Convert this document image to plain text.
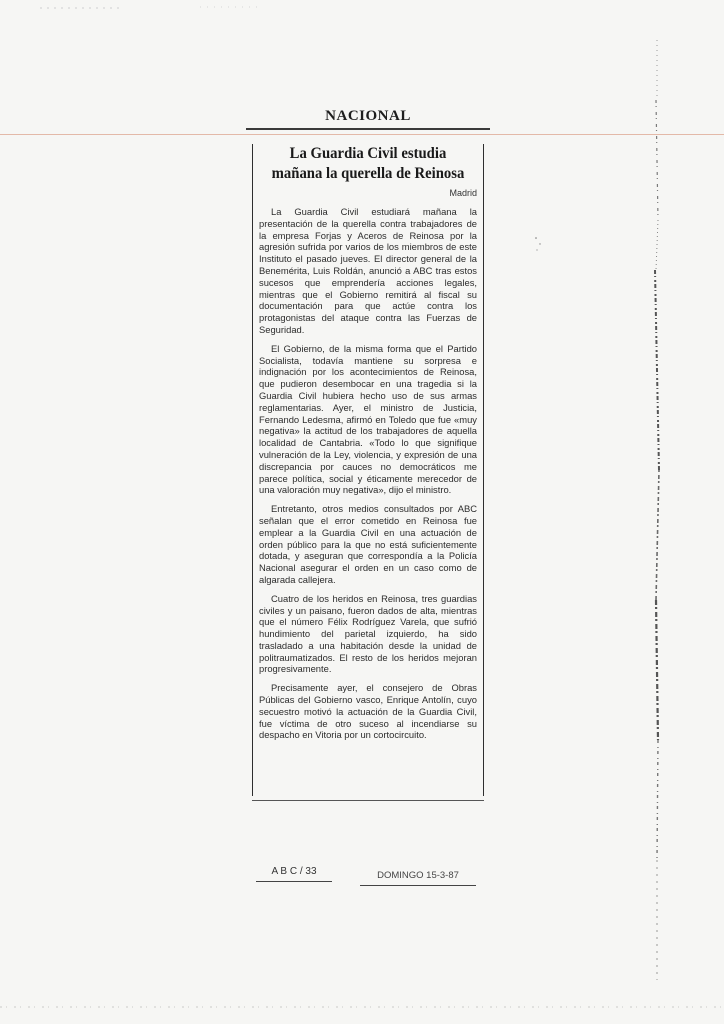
NACIONAL
La Guardia Civil estudia
mañana la querella de Reinosa
Madrid

La Guardia Civil estudiará mañana la presentación de la querella contra trabajadores de la empresa Forjas y Aceros de Reinosa por la agresión sufrida por varios de los miembros de este Instituto el pasado jueves. El director general de la Benemérita, Luis Roldán, anunció a ABC tras estos sucesos que emprendería acciones legales, mientras que el Gobierno remitirá al fiscal su documentación para que actúe contra los protagonistas del ataque contra las Fuerzas de Seguridad.

El Gobierno, de la misma forma que el Partido Socialista, todavía mantiene su sorpresa e indignación por los acontecimientos de Reinosa, que pudieron desembocar en una tragedia si la Guardia Civil hubiera hecho uso de sus armas reglamentarias. Ayer, el ministro de Justicia, Fernando Ledesma, afirmó en Toledo que fue «muy negativa» la actitud de los trabajadores de aquella localidad de Cantabria. «Todo lo que signifique vulneración de la Ley, violencia, y expresión de una discrepancia por cauces no democráticos me parece política, social y éticamente merecedor de una valoración muy negativa», dijo el ministro.

Entretanto, otros medios consultados por ABC señalan que el error cometido en Reinosa fue emplear a la Guardia Civil en una actuación de orden público para la que no está suficientemente dotada, y aseguran que correspondía a la Policía Nacional asegurar el orden en un caso como de algarada callejera.

Cuatro de los heridos en Reinosa, tres guardias civiles y un paisano, fueron dados de alta, mientras que el número Félix Rodríguez Varela, que sufrió hundimiento del parietal izquierdo, ha sido trasladado a una habitación desde la unidad de politraumatizados. El resto de los heridos mejoran progresivamente.

Precisamente ayer, el consejero de Obras Públicas del Gobierno vasco, Enrique Antolín, cuyo secuestro motivó la actuación de la Guardia Civil, fue víctima de otro suceso al incendiarse su despacho en Vitoria por un cortocircuito.

A B C / 33	DOMINGO 15-3-87
